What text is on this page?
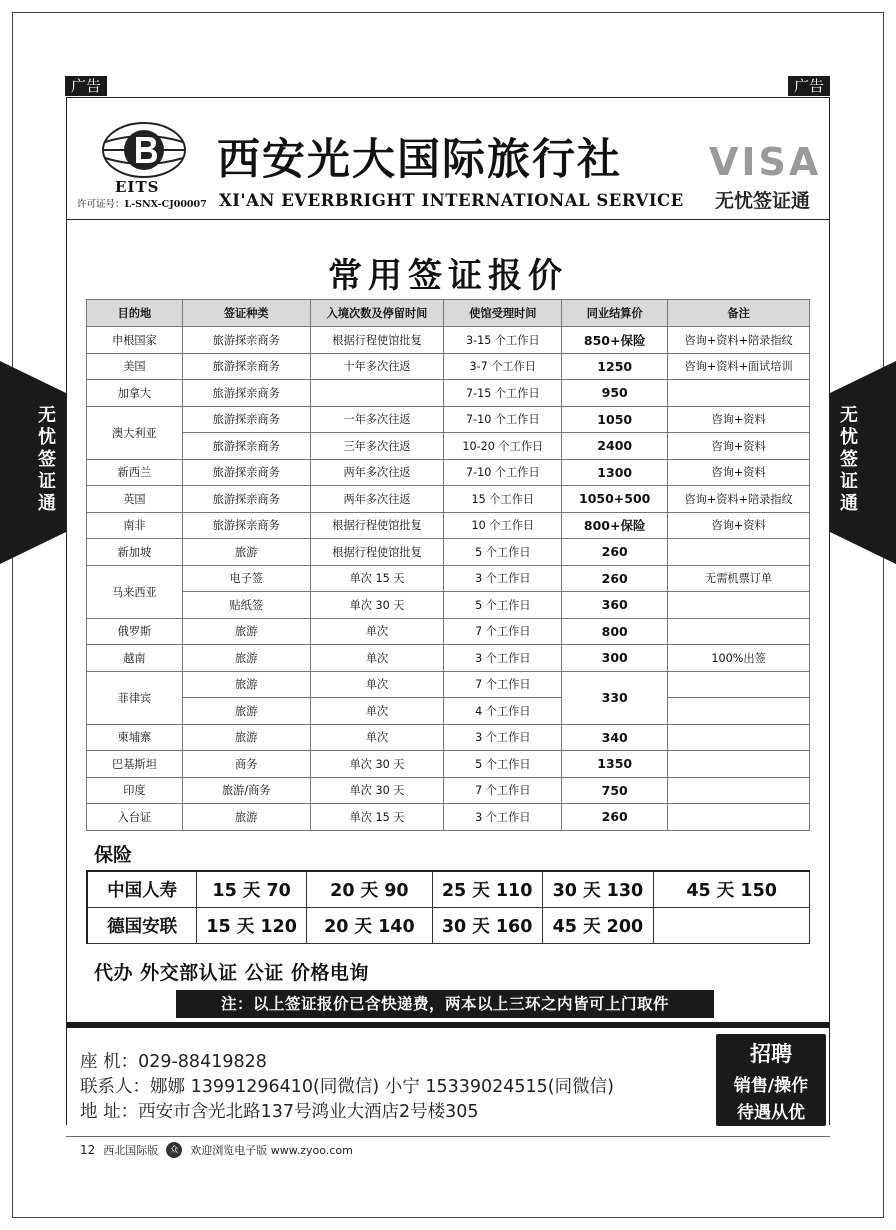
广告	广告
无
忧
签
证
通
无
忧
签
证
通
EITS
许可证号：L-SNX-CJ00007
西安光大国际旅行社
XI'AN EVERBRIGHT INTERNATIONAL SERVICE
VISA
无忧签证通
常用签证报价
目的地	签证种类	入境次数及停留时间	使馆受理时间	同业结算价	备注
申根国家	旅游探亲商务	根据行程使馆批复	3-15 个工作日	850+保险	咨询+资料+陪录指纹
美国	旅游探亲商务	十年多次往返	3-7 个工作日	1250	咨询+资料+面试培训
加拿大	旅游探亲商务		7-15 个工作日	950	
澳大利亚	旅游探亲商务	一年多次往返	7-10 个工作日	1050	咨询+资料
	旅游探亲商务	三年多次往返	10-20 个工作日	2400	咨询+资料
新西兰	旅游探亲商务	两年多次往返	7-10 个工作日	1300	咨询+资料
英国	旅游探亲商务	两年多次往返	15 个工作日	1050+500	咨询+资料+陪录指纹
南非	旅游探亲商务	根据行程使馆批复	10 个工作日	800+保险	咨询+资料
新加坡	旅游	根据行程使馆批复	5 个工作日	260	
马来西亚	电子签	单次 15 天	3 个工作日	260	无需机票订单
	贴纸签	单次 30 天	5 个工作日	360	
俄罗斯	旅游	单次	7 个工作日	800	
越南	旅游	单次	3 个工作日	300	100%出签
菲律宾	旅游	单次	7 个工作日	330	
	旅游	单次	4 个工作日		
柬埔寨	旅游	单次	3 个工作日	340	
巴基斯坦	商务	单次 30 天	5 个工作日	1350	
印度	旅游/商务	单次 30 天	7 个工作日	750	
入台证	旅游	单次 15 天	3 个工作日	260	
保险
中国人寿	15 天 70	20 天 90	25 天 110	30 天 130	45 天 150
德国安联	15 天 120	20 天 140	30 天 160	45 天 200	
代办 外交部认证 公证 价格电询
注：以上签证报价已含快递费，两本以上三环之内皆可上门取件
座 机：029-88419828
联系人：娜娜 13991296410(同微信) 小宁 15339024515(同微信)
地 址：西安市含光北路137号鸿业大酒店2号楼305
招聘
销售/操作
待遇从优
12 西北国际版	众	欢迎浏览电子版 www.zyoo.com
